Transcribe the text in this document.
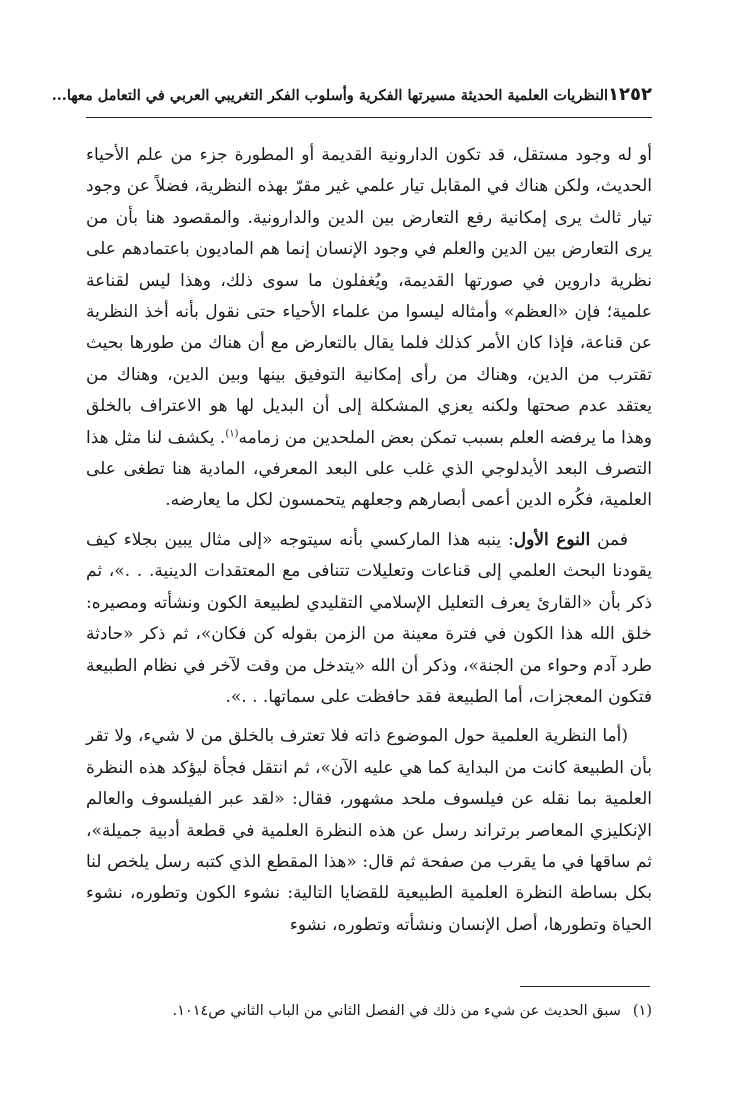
١٢٥٢
النظريات العلمية الحديثة مسيرتها الفكرية وأسلوب الفكر التغريبي العربي في التعامل معها...

أو له وجود مستقل، قد تكون الدارونية القديمة أو المطورة جزء من علم الأحياء الحديث، ولكن هناك في المقابل تيار علمي غير مقرّ بهذه النظرية، فضلاً عن وجود تيار ثالث يرى إمكانية رفع التعارض بين الدين والدارونية. والمقصود هنا بأن من يرى التعارض بين الدين والعلم في وجود الإنسان إنما هم الماديون باعتمادهم على نظرية داروين في صورتها القديمة، ويُغفلون ما سوى ذلك، وهذا ليس لقناعة علمية؛ فإن «العظم» وأمثاله ليسوا من علماء الأحياء حتى نقول بأنه أخذ النظرية عن قناعة، فإذا كان الأمر كذلك فلما يقال بالتعارض مع أن هناك من طورها بحيث تقترب من الدين، وهناك من رأى إمكانية التوفيق بينها وبين الدين، وهناك من يعتقد عدم صحتها ولكنه يعزي المشكلة إلى أن البديل لها هو الاعتراف بالخلق وهذا ما يرفضه العلم بسبب تمكن بعض الملحدين من زمامه$^{(١)}$. يكشف لنا مثل هذا التصرف البعد الأيدلوجي الذي غلب على البعد المعرفي، المادية هنا تطغى على العلمية، فكُره الدين أعمى أبصارهم وجعلهم يتحمسون لكل ما يعارضه.

فمن النوع الأول: ينبه هذا الماركسي بأنه سيتوجه «إلى مثال يبين بجلاء كيف يقودنا البحث العلمي إلى قناعات وتعليلات تتنافى مع المعتقدات الدينية. . .»، ثم ذكر بأن «القارئ يعرف التعليل الإسلامي التقليدي لطبيعة الكون ونشأته ومصيره: خلق الله هذا الكون في فترة معينة من الزمن بقوله كن فكان»، ثم ذكر «حادثة طرد آدم وحواء من الجنة»، وذكر أن الله «يتدخل من وقت لآخر في نظام الطبيعة فتكون المعجزات، أما الطبيعة فقد حافظت على سماتها. . .».

(أما النظرية العلمية حول الموضوع ذاته فلا تعترف بالخلق من لا شيء، ولا تقر بأن الطبيعة كانت من البداية كما هي عليه الآن»، ثم انتقل فجأة ليؤكد هذه النظرة العلمية بما نقله عن فيلسوف ملحد مشهور، فقال: «لقد عبر الفيلسوف والعالم الإنكليزي المعاصر برتراند رسل عن هذه النظرة العلمية في قطعة أدبية جميلة»، ثم ساقها في ما يقرب من صفحة ثم قال: «هذا المقطع الذي كتبه رسل يلخص لنا بكل بساطة النظرة العلمية الطبيعية للقضايا التالية: نشوء الكون وتطوره، نشوء الحياة وتطورها، أصل الإنسان ونشأته وتطوره، نشوء

(١)سبق الحديث عن شيء من ذلك في الفصل الثاني من الباب الثاني ص١٠١٤.
